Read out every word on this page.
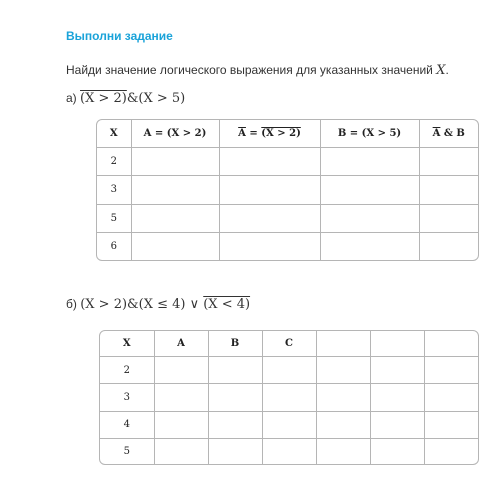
Выполни задание

Найди значение логического выражения для указанных значений X.

а) (X > 2)&(X > 5)
X	A = (X > 2)	$\overline{A} = (X > 2)$	B = (X > 5)	$\overline{A}$ & B
2				
3				
5				
6				
б) (X > 2)&(X ≤ 4) ∨ (X < 4)
X	A	B	C			
2						
3						
4						
5						
